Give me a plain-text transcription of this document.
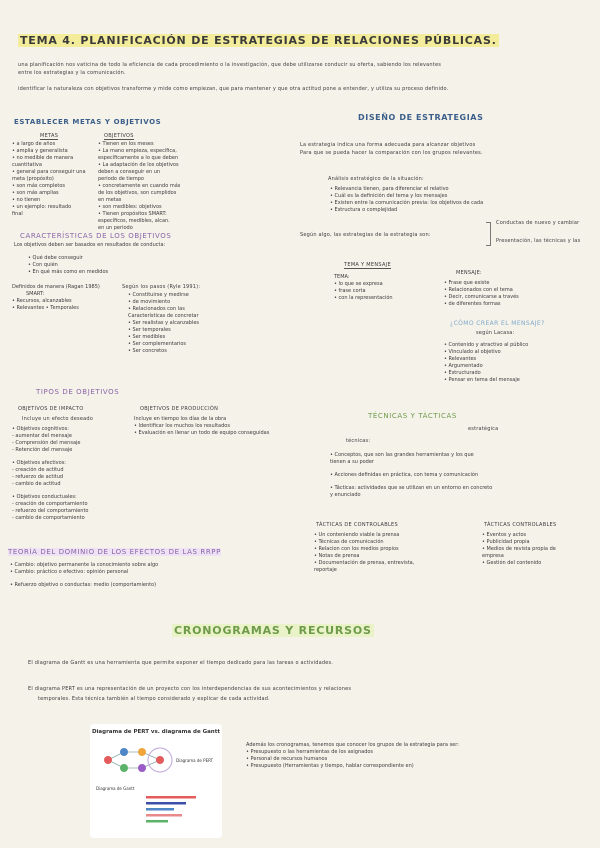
TEMA 4. PLANIFICACIÓN DE ESTRATEGIAS DE RELACIONES PÚBLICAS.
una planificación nos vaticina de todo la eficiencia de cada procedimiento o la investigación, que debe utilizarse conducir su oferta, sabiendo los relevantes
entre los estrategias y la comunicación.
identificar la naturaleza con objetivos transforme y mide como empiezan, que para mantener y que otra actitud pone a entender, y utiliza su proceso definido.
ESTABLECER METAS Y OBJETIVOS
METAS	OBJETIVOS
• a largo de años
• amplia y generalista
• no medible de manera
cuantitativa
• general para conseguir una
meta (propósito)
• son más completos
• son más amplias
• no tienen
• un ejemplo: resultado
final
• Tienen en los meses
• La mano empieza, específica,
específicamente a lo que deben
• La adaptación de los objetivos
deben a conseguir en un
periodo de tiempo
• concretamente en cuando más
de los objetivos, son cumplidos
en metas
• son medibles: objetivos
• Tienen propósitos SMART:
específicos, medibles, alcan.
en un periodo
CARACTERÍSTICAS DE LOS OBJETIVOS
Los objetivos deben ser basados en resultados de conducta:
• Qué debe conseguir
• Con quién
• En qué más como en medidos
Definidos de manera (Ragan 1985)
SMART:
• Recursos, alcanzables
• Relevantes • Temporales
Según los pasos (Ryle 1991):
• Constituirse y medirse
• de movimiento
• Relacionados con las
Características de concretar
• Ser realistas y alcanzables
• Ser temporales
• Ser medibles
• Ser complementarios
• Ser concretos
TIPOS DE OBJETIVOS
OBJETIVOS DE IMPACTO
Incluye un efecto deseado
• Objetivos cognitivos:
- aumentar del mensaje
- Comprensión del mensaje
- Retención del mensaje
• Objetivos afectivos:
- creación de actitud
- refuerzo de actitud
- cambio de actitud
• Objetivos conductuales:
- creación de comportamiento
- refuerzo del comportamiento
- cambio de comportamiento
OBJETIVOS DE PRODUCCIÓN
Incluye en tiempo los días de la obra
• Identificar los muchos los resultados
• Evaluación en llenar un todo de equipo conseguidas
TEORÍA DEL DOMINIO DE LOS EFECTOS DE LAS RRPP
• Cambio: objetivo permanente la conocimiento sobre algo
• Cambio: práctico o efectivo: opinión personal
• Refuerzo objetivo o conductas: medio (comportamiento)
DISEÑO DE ESTRATEGIAS
La estrategia indica una forma adecuada para alcanzar objetivos
Para que se pueda hacer la comparación con los grupos relevantes.
Análisis estratégico de la situación:
• Relevancia tienen, para diferenciar el relativo
• Cuál es la definición del tema y los mensajes
• Existen entre la comunicación previa: los objetivos de cada
• Estructura o complejidad
Según algo, las estrategias de la estrategia son:
Conductas de nuevo y cambiar
Presentación, las técnicas y las
TEMA Y MENSAJE
TEMA:
• lo que se expresa
• frase corta
• con la representación
MENSAJE:
• Frase que existe
• Relacionados con el tema
• Decir, comunicarse a través
• de diferentes formas
¿CÓMO CREAR EL MENSAJE?
según Lacasa:
• Contenido y atractivo al público
• Vinculado al objetivo
• Relevantes
• Argumentado
• Estructurado
• Pensar en tema del mensaje
TÉCNICAS Y TÁCTICAS
estratégica
técnicas:
• Conceptos, que son las grandes herramientas y los que
tienen a su poder
• Acciones definidas en práctica, con tema y comunicación
• Tácticas: actividades que se utilizan en un entorno en concreto
y enunciado
TÁCTICAS DE CONTROLABLES
• Un conteniendo viable la prensa
• Técnicas de comunicación
• Relacion con los medios propios
• Notas de prensa
• Documentación de prensa, entrevista,
reportaje
TÁCTICAS CONTROLABLES
• Eventos y actos
• Publicidad propia
• Medios de revista propia de
empresa
• Gestión del contenido
CRONOGRAMAS Y RECURSOS
El diagrama de Gantt es una herramienta que permite exponer el tiempo dedicado para las tareas o actividades.
El diagrama PERT es una representación de un proyecto con los interdependencias de sus acontecimientos y relaciones
temporales. Esta técnica también al tiempo considerado y explicar de cada actividad.
Diagrama de PERT vs. diagrama de Gantt
Diagrama de PERT
Diagrama de Gantt
Además los cronogramas, tenemos que conocer los grupos de la estrategia para ser:
• Presupuesto o las herramientas de los asignados
• Personal de recursos humanos
• Presupuesto (Herramientas y tiempo, hablar correspondiente en)
